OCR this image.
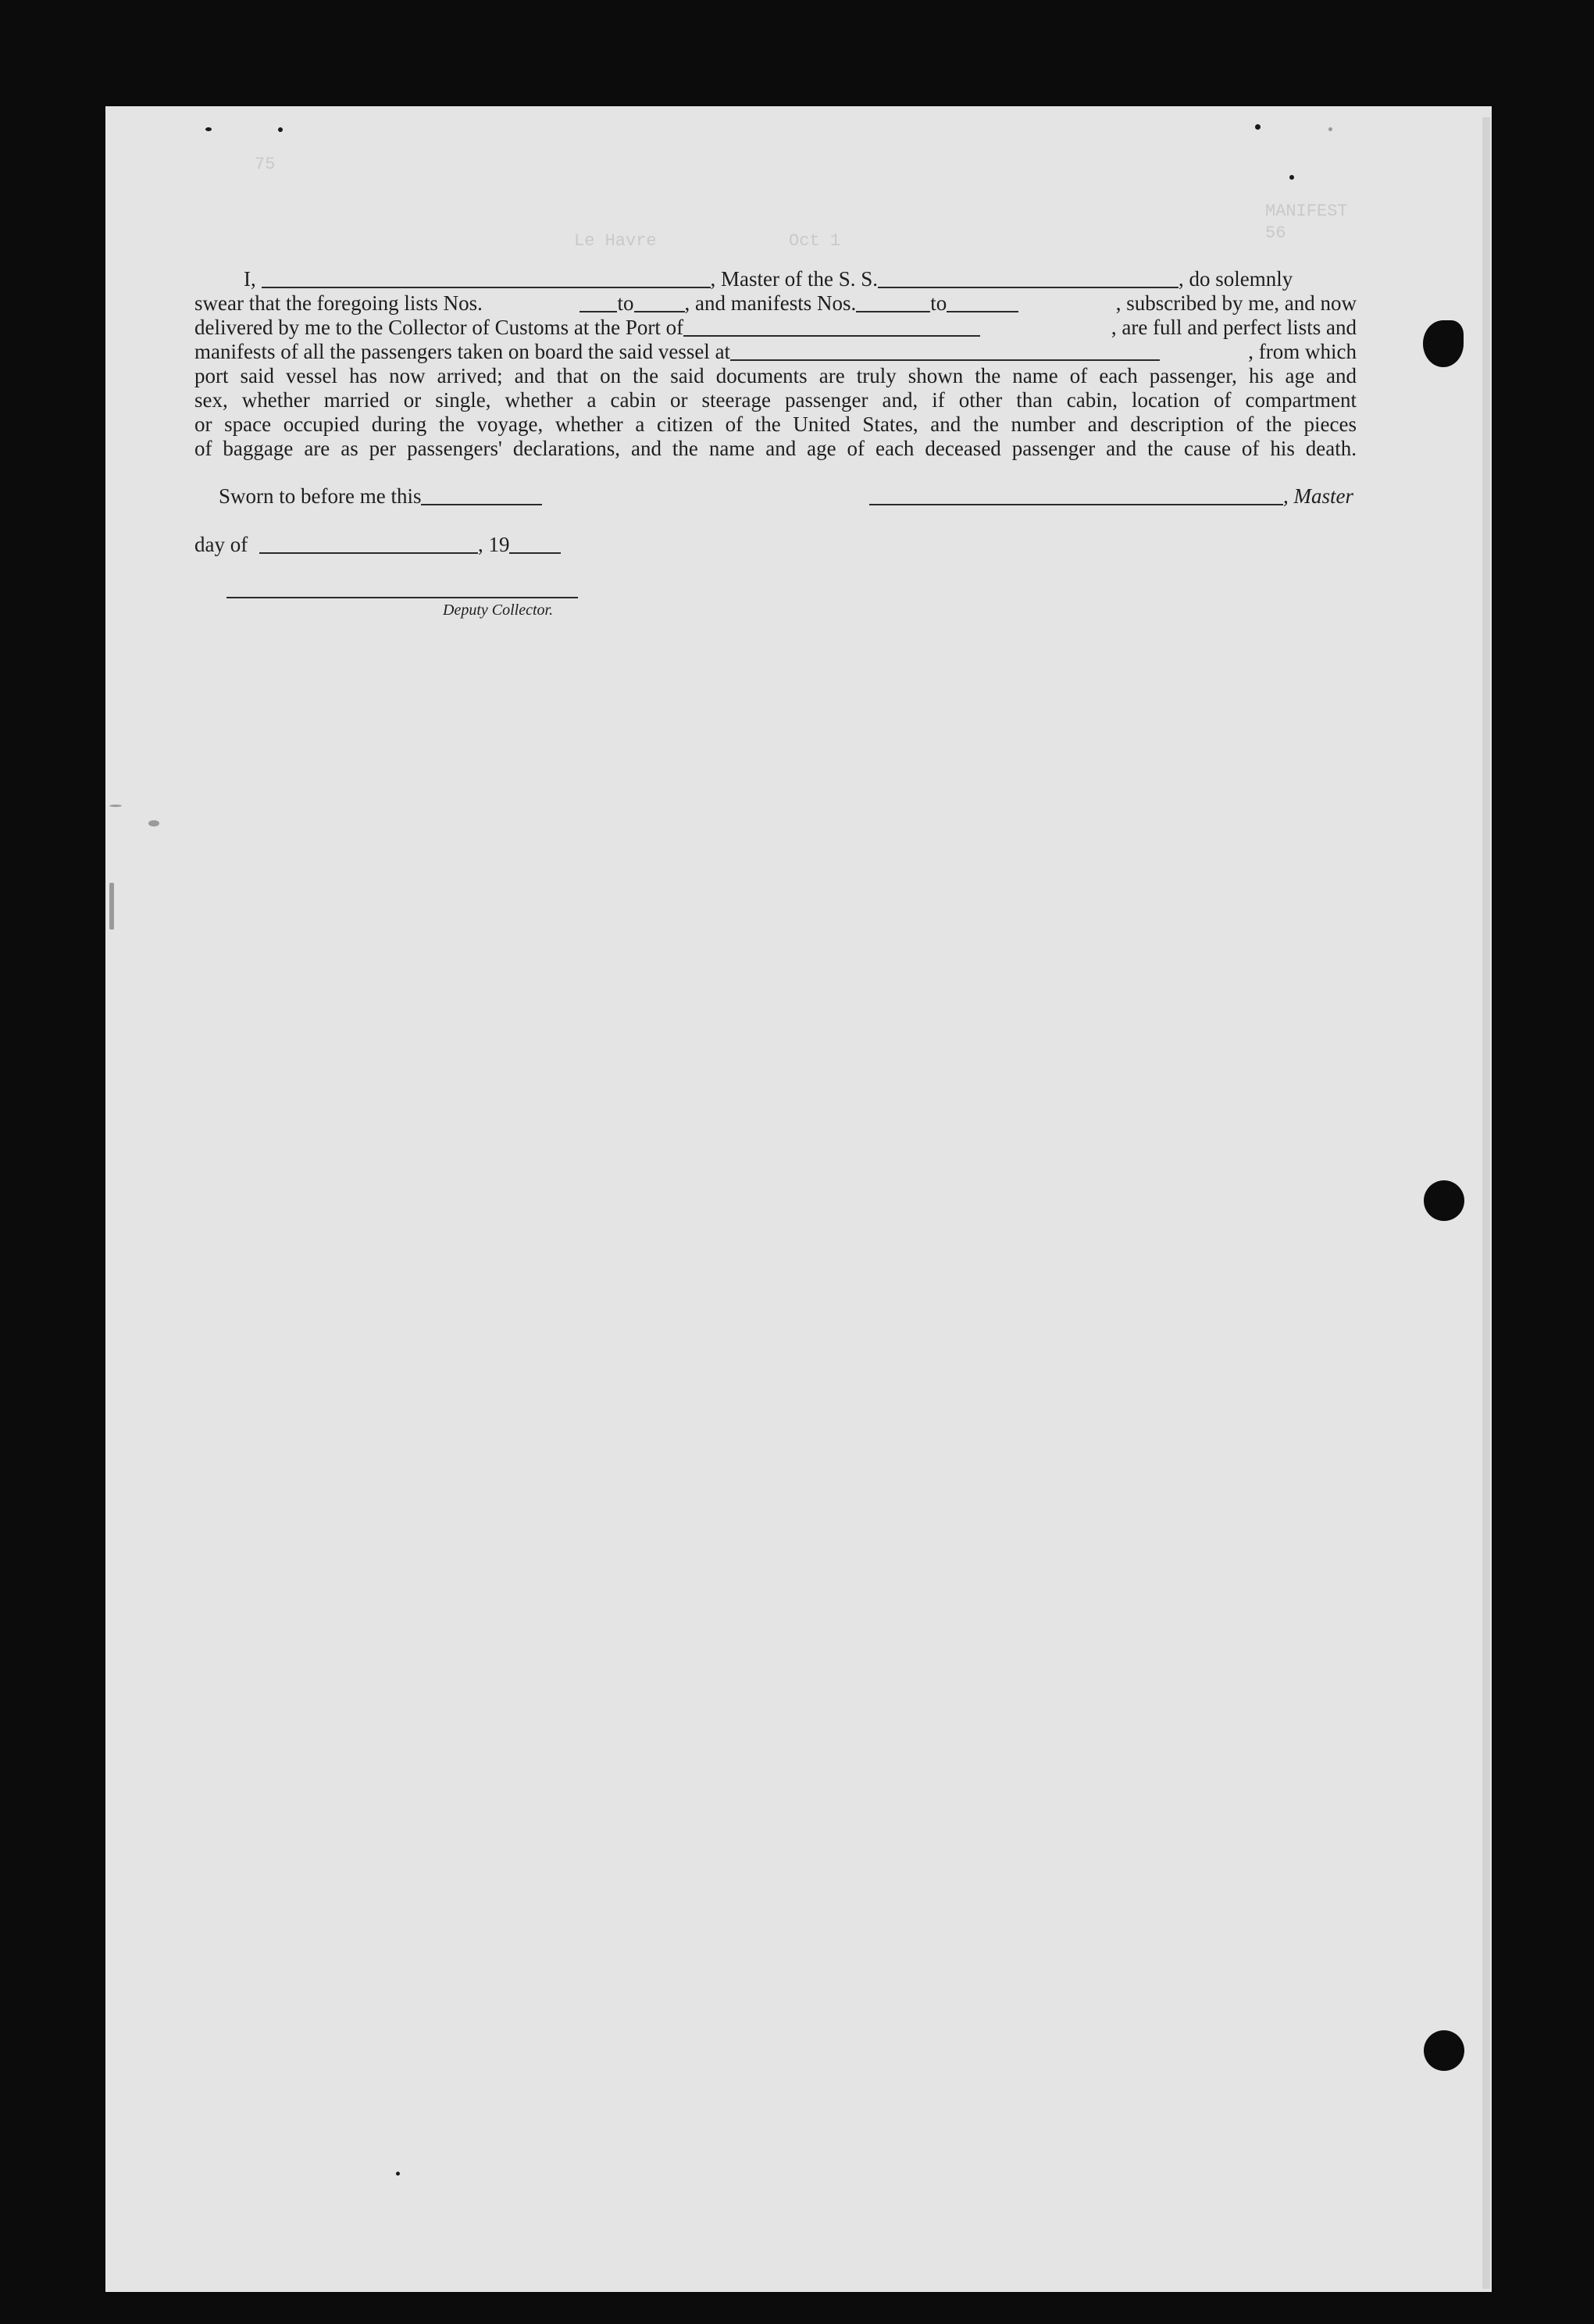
75
MANIFEST
56
Le Havre	Oct 1
I,	, Master of the S. S.	, do solemnly
swear that the foregoing lists Nos.	to , and manifests Nos.	to	, subscribed by me, and now
delivered by me to the Collector of Customs at the Port of	, are full and perfect lists and
manifests of all the passengers taken on board the said vessel at	, from which
port said vessel has now arrived; and that on the said documents are truly shown the name of each passenger, his age and
sex, whether married or single, whether a cabin or steerage passenger and, if other than cabin, location of compartment
or space occupied during the voyage, whether a citizen of the United States, and the number and description of the pieces
of baggage are as per passengers' declarations, and the name and age of each deceased passenger and the cause of his death.
Sworn to before me this	, Master
day of	, 19
Deputy Collector.
